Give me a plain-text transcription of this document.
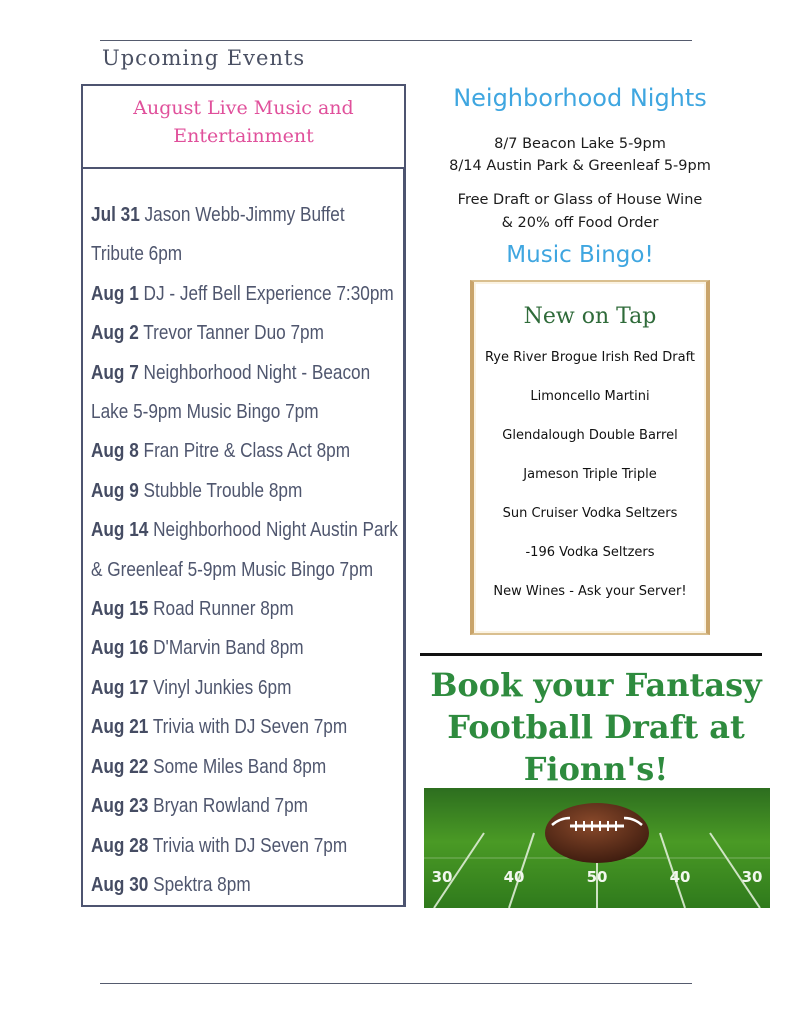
Upcoming Events
August Live Music and
Entertainment
Jul 31 Jason Webb-Jimmy Buffet
Tribute 6pm
Aug 1 DJ - Jeff Bell Experience 7:30pm
Aug 2 Trevor Tanner Duo 7pm
Aug 7 Neighborhood Night - Beacon
Lake 5-9pm Music Bingo 7pm
Aug 8 Fran Pitre & Class Act 8pm
Aug 9 Stubble Trouble 8pm
Aug 14 Neighborhood Night Austin Park
& Greenleaf 5-9pm Music Bingo 7pm
Aug 15 Road Runner 8pm
Aug 16 D'Marvin Band 8pm
Aug 17 Vinyl Junkies 6pm
Aug 21 Trivia with DJ Seven 7pm
Aug 22 Some Miles Band 8pm
Aug 23 Bryan Rowland 7pm
Aug 28 Trivia with DJ Seven 7pm
Aug 30 Spektra 8pm
Neighborhood Nights
8/7 Beacon Lake 5-9pm
8/14 Austin Park & Greenleaf 5-9pm
Free Draft or Glass of House Wine
& 20% off Food Order
Music Bingo!
New on Tap
Rye River Brogue Irish Red Draft
Limoncello Martini
Glendalough Double Barrel
Jameson Triple Triple
Sun Cruiser Vodka Seltzers
-196 Vodka Seltzers
New Wines - Ask your Server!
Book your Fantasy
Football Draft at
Fionn's!
30	40	50	40	30
